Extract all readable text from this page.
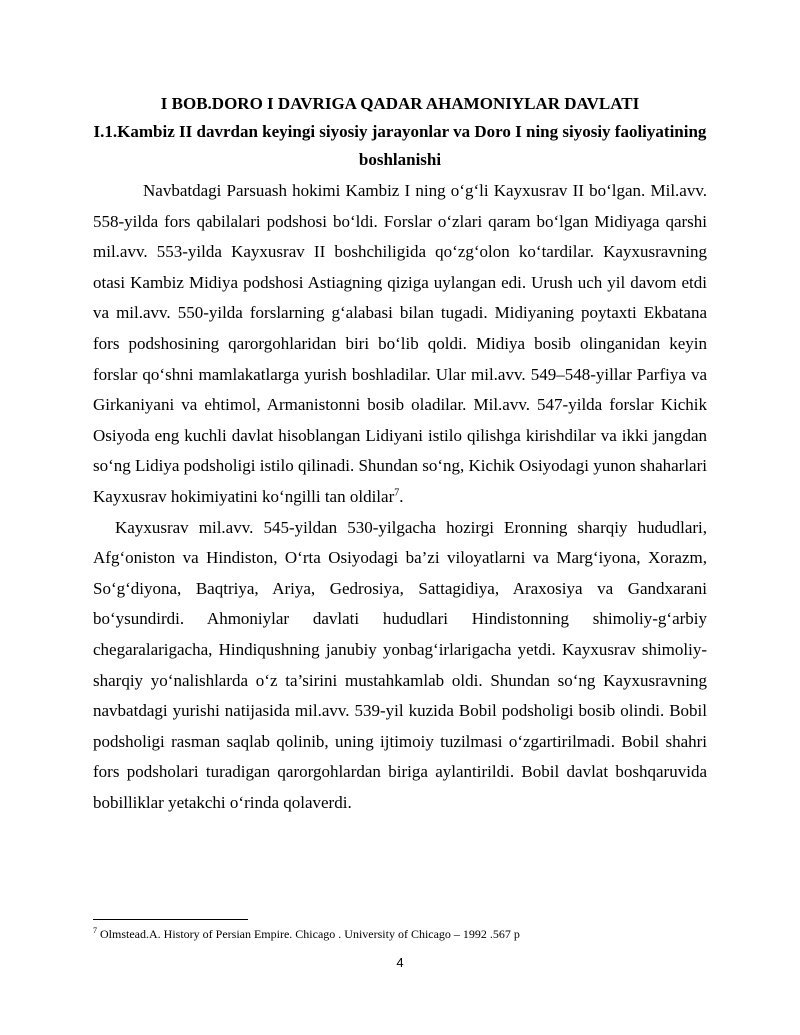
I BOB.DORO I DAVRIGA QADAR AHAMONIYLAR DAVLATI

I.1.Kambiz II davrdan keyingi siyosiy jarayonlar va Doro I ning siyosiy faoliyatining boshlanishi

Navbatdagi Parsuash hokimi Kambiz I ning o‘g‘li Kayxusrav II bo‘lgan. Mil.avv. 558-yilda fors qabilalari podshosi bo‘ldi. Forslar o‘zlari qaram bo‘lgan Midiyaga qarshi mil.avv. 553-yilda Kayxusrav II boshchiligida qo‘zg‘olon ko‘tardilar. Kayxusravning otasi Kambiz Midiya podshosi Astiagning qiziga uylangan edi. Urush uch yil davom etdi va mil.avv. 550-yilda forslarning g‘alabasi bilan tugadi. Midiyaning poytaxti Ekbatana fors podshosining qarorgohlaridan biri bo‘lib qoldi. Midiya bosib olinganidan keyin forslar qo‘shni mamlakatlarga yurish boshladilar. Ular mil.avv. 549–548-yillar Parfiya va Girkaniyani va ehtimol, Armanistonni bosib oladilar. Mil.avv. 547-yilda forslar Kichik Osiyoda eng kuchli davlat hisoblangan Lidiyani istilo qilishga kirishdilar va ikki jangdan so‘ng Lidiya podsholigi istilo qilinadi. Shundan so‘ng, Kichik Osiyodagi yunon shaharlari Kayxusrav hokimiyatini ko‘ngilli tan oldilar$^7$.

Kayxusrav mil.avv. 545-yildan 530-yilgacha hozirgi Eronning sharqiy hududlari, Afg‘oniston va Hindiston, O‘rta Osiyodagi ba’zi viloyatlarni va Marg‘iyona, Xorazm, So‘g‘diyona, Baqtriya, Ariya, Gedrosiya, Sattagidiya, Araxosiya va Gandxarani bo‘ysundirdi. Ahmoniylar davlati hududlari Hindistonning shimoliy-g‘arbiy chegaralarigacha, Hindiqushning janubiy yonbag‘irlarigacha yetdi. Kayxusrav shimoliy-sharqiy yo‘nalishlarda o‘z ta’sirini mustahkamlab oldi. Shundan so‘ng Kayxusravning navbatdagi yurishi natijasida mil.avv. 539-yil kuzida Bobil podsholigi bosib olindi. Bobil podsholigi rasman saqlab qolinib, uning ijtimoiy tuzilmasi o‘zgartirilmadi. Bobil shahri fors podsholari turadigan qarorgohlardan biriga aylantirildi. Bobil davlat boshqaruvida bobilliklar yetakchi o‘rinda qolaverdi.

$^7$ Olmstead.A. History of Persian Empire. Chicago . University of Chicago – 1992 .567 p
4
